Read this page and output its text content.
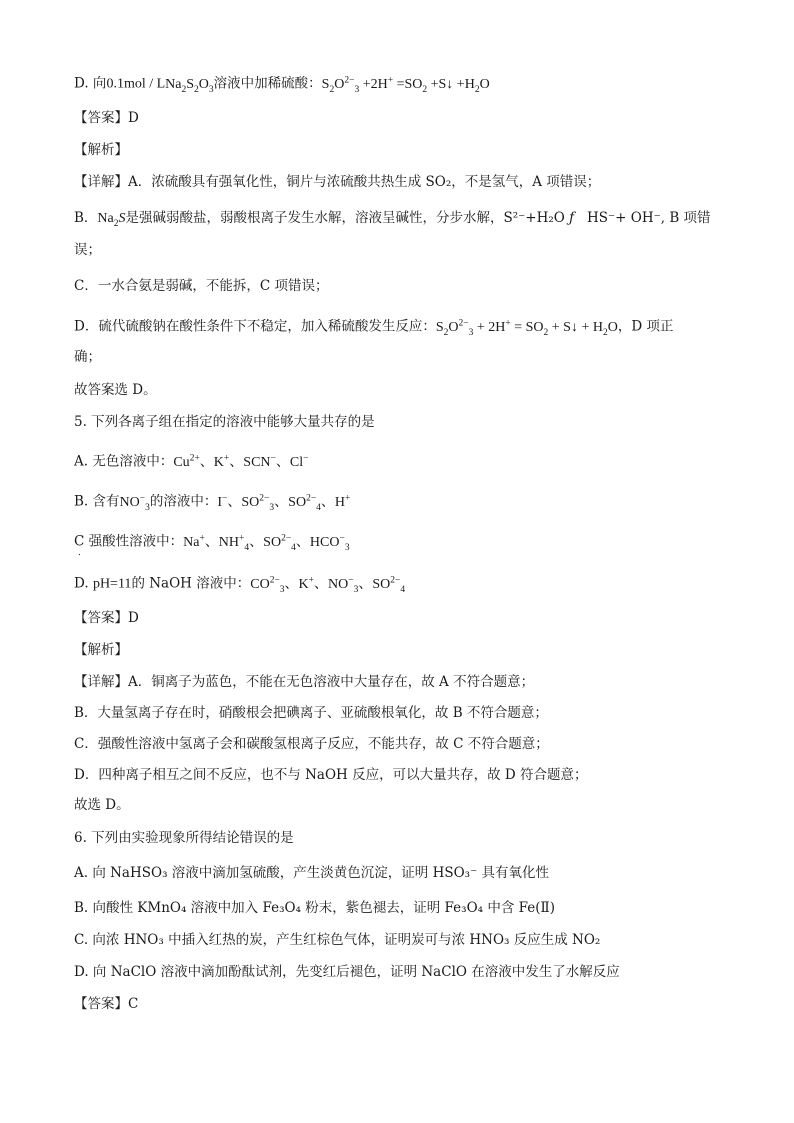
D. 向$0.1mol / LNa_2S_2O_3$溶液中加稀硫酸：$S_2O^{2-}_3 +2H^+ =SO_2$ +S↓ $+H_2O$
【答案】D
【解析】
【详解】A．浓硫酸具有强氧化性，铜片与浓硫酸共热生成 SO₂，不是氢气，A 项错误；
B．$Na_2S$是强碱弱酸盐，弱酸根离子发生水解，溶液呈碱性，分步水解，S²⁻+H₂O ƒ HS⁻+ OH⁻, B 项错
误；
C．一水合氨是弱碱，不能拆，C 项错误；
D．硫代硫酸钠在酸性条件下不稳定，加入稀硫酸发生反应：$S_2O^{2-}_3 + 2H^+ = SO_2$ + S↓ + $H_2O$，D 项正
确；
故答案选 D。
5. 下列各离子组在指定的溶液中能够大量共存的是
A. 无色溶液中：$Cu^{2+}$、K+、SCN−、Cl−
B. 含有$NO^-_3$的溶液中：I−、$SO^{2-}_3$、$SO^{2-}_4$、H+
C 强酸性溶液中：Na+、$NH^+_4$、$SO^{2-}_4$、$HCO^-_3$
．
D. pH=11的 NaOH 溶液中：$CO^{2-}_3$、K+、$NO^-_3$、$SO^{2-}_4$
【答案】D
【解析】
【详解】A．铜离子为蓝色，不能在无色溶液中大量存在，故 A 不符合题意；
B．大量氢离子存在时，硝酸根会把碘离子、亚硫酸根氧化，故 B 不符合题意；
C．强酸性溶液中氢离子会和碳酸氢根离子反应，不能共存，故 C 不符合题意；
D．四种离子相互之间不反应，也不与 NaOH 反应，可以大量共存，故 D 符合题意；
故选 D。
6. 下列由实验现象所得结论错误的是
A. 向 NaHSO₃ 溶液中滴加氢硫酸，产生淡黄色沉淀，证明 HSO₃⁻ 具有氧化性
B. 向酸性 KMnO₄ 溶液中加入 Fe₃O₄ 粉末，紫色褪去，证明 Fe₃O₄ 中含 Fe(Ⅱ)
C. 向浓 HNO₃ 中插入红热的炭，产生红棕色气体，证明炭可与浓 HNO₃ 反应生成 NO₂
D. 向 NaClO 溶液中滴加酚酞试剂，先变红后褪色，证明 NaClO 在溶液中发生了水解反应
【答案】C
